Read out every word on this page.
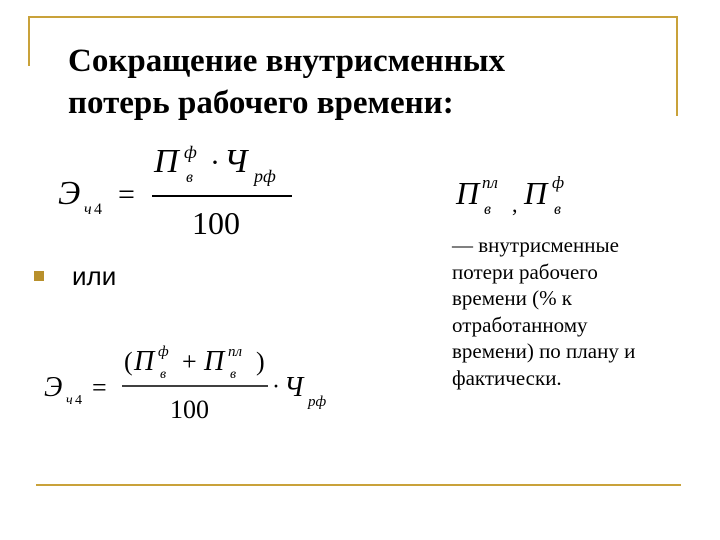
Сокращение внутрисменных
потерь рабочего времени:
Э ч 4 =
П ф
в · Ч рф
100
П пл
в , П ф
в
или
Э ч 4 =
( П ф
в + П пл
в )
100
· Ч рф
— внутрисменные
потери рабочего
времени (% к
отработанному
времени) по плану и
фактически.
